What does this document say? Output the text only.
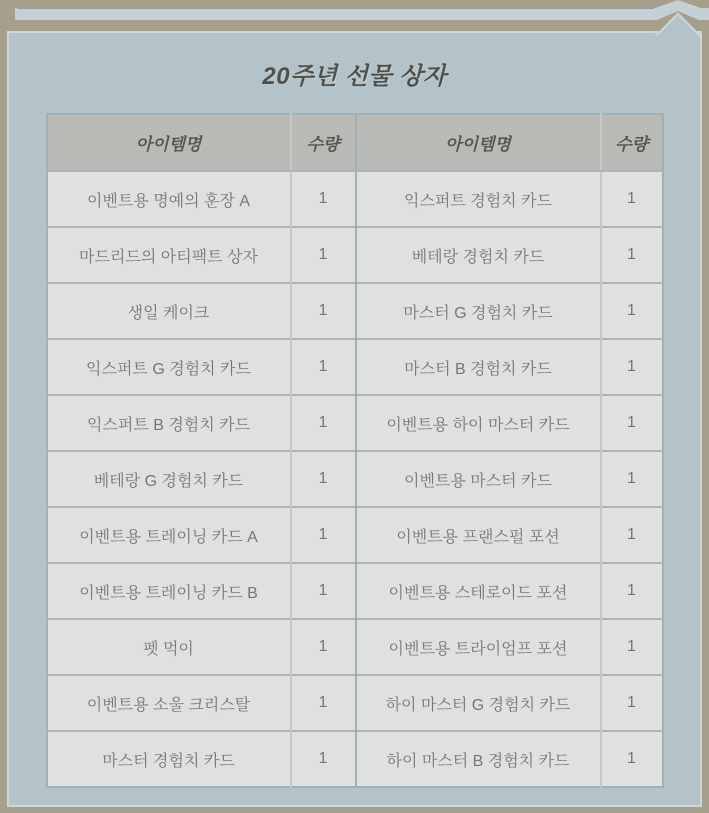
20주년 선물 상자
아이템명	수량	아이템명	수량
이벤트용 명예의 훈장 A	1	익스퍼트 경험치 카드	1
마드리드의 아티팩트 상자	1	베테랑 경험치 카드	1
생일 케이크	1	마스터 G 경험치 카드	1
익스퍼트 G 경험치 카드	1	마스터 B 경험치 카드	1
익스퍼트 B 경험치 카드	1	이벤트용 하이 마스터 카드	1
베테랑 G 경험치 카드	1	이벤트용 마스터 카드	1
이벤트용 트레이닝 카드 A	1	이벤트용 프랜스펄 포션	1
이벤트용 트레이닝 카드 B	1	이벤트용 스테로이드 포션	1
펫 먹이	1	이벤트용 트라이엄프 포션	1
이벤트용 소울 크리스탈	1	하이 마스터 G 경험치 카드	1
마스터 경험치 카드	1	하이 마스터 B 경험치 카드	1
